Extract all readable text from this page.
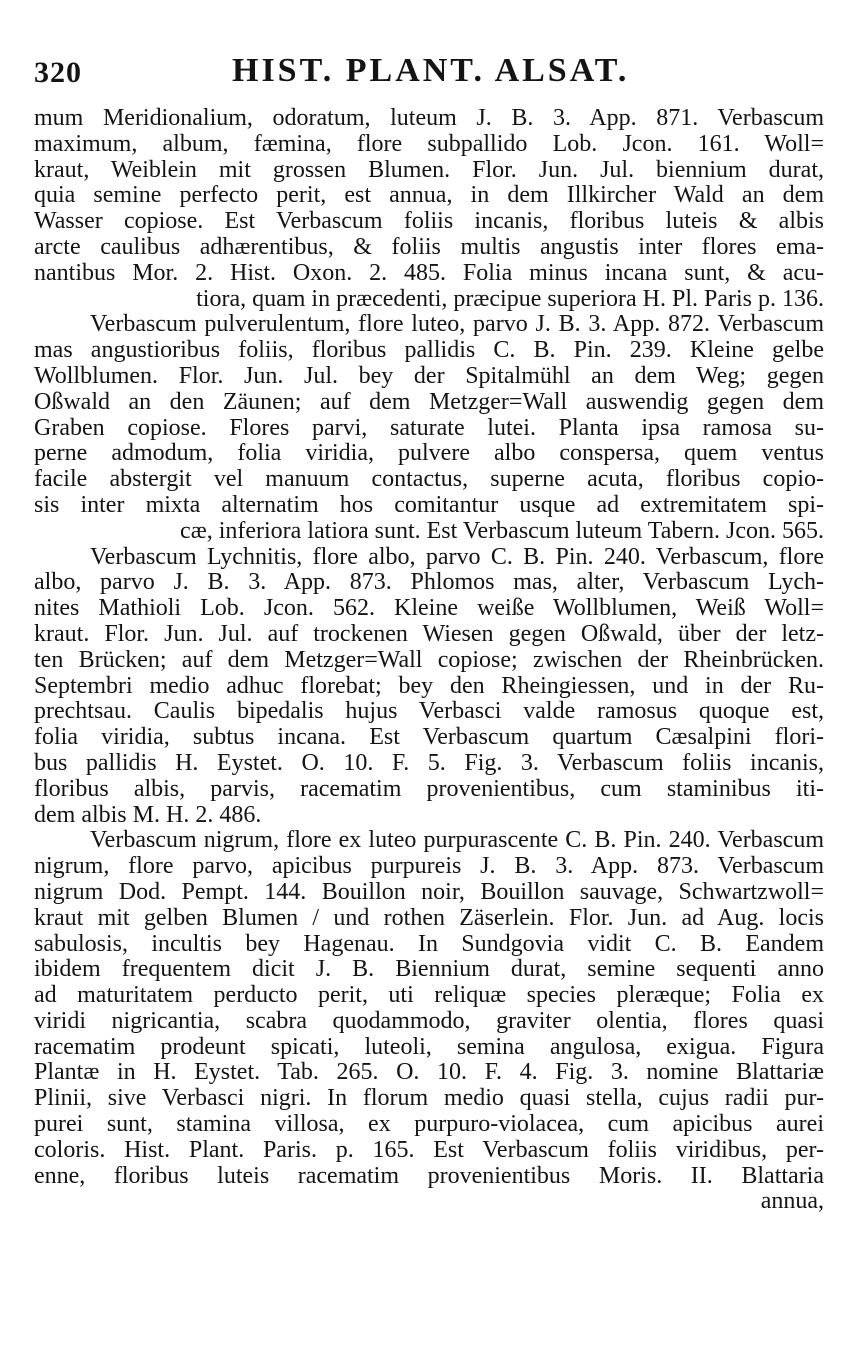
320	HIST. PLANT. ALSAT.
mum Meridionalium, odoratum, luteum J. B. 3. App. 871. Verbascum
maximum, album, fæmina, flore subpallido Lob. Jcon. 161. Woll=
kraut, Weiblein mit grossen Blumen. Flor. Jun. Jul. biennium durat,
quia semine perfecto perit, est annua, in dem Illkircher Wald an dem
Wasser copiose. Est Verbascum foliis incanis, floribus luteis & albis
arcte caulibus adhærentibus, & foliis multis angustis inter flores ema-
nantibus Mor. 2. Hist. Oxon. 2. 485. Folia minus incana sunt, & acu-
tiora, quam in præcedenti, præcipue superiora H. Pl. Paris p. 136.
Verbascum pulverulentum, flore luteo, parvo J. B. 3. App. 872. Verbascum
mas angustioribus foliis, floribus pallidis C. B. Pin. 239. Kleine gelbe
Wollblumen. Flor. Jun. Jul. bey der Spitalmühl an dem Weg; gegen
Oßwald an den Zäunen; auf dem Metzger=Wall auswendig gegen dem
Graben copiose. Flores parvi, saturate lutei. Planta ipsa ramosa su-
perne admodum, folia viridia, pulvere albo conspersa, quem ventus
facile abstergit vel manuum contactus, superne acuta, floribus copio-
sis inter mixta alternatim hos comitantur usque ad extremitatem spi-
cæ, inferiora latiora sunt. Est Verbascum luteum Tabern. Jcon. 565.
Verbascum Lychnitis, flore albo, parvo C. B. Pin. 240. Verbascum, flore
albo, parvo J. B. 3. App. 873. Phlomos mas, alter, Verbascum Lych-
nites Mathioli Lob. Jcon. 562. Kleine weiße Wollblumen, Weiß Woll=
kraut. Flor. Jun. Jul. auf trockenen Wiesen gegen Oßwald, über der letz-
ten Brücken; auf dem Metzger=Wall copiose; zwischen der Rheinbrücken.
Septembri medio adhuc florebat; bey den Rheingiessen, und in der Ru-
prechtsau. Caulis bipedalis hujus Verbasci valde ramosus quoque est,
folia viridia, subtus incana. Est Verbascum quartum Cæsalpini flori-
bus pallidis H. Eystet. O. 10. F. 5. Fig. 3. Verbascum foliis incanis,
floribus albis, parvis, racematim provenientibus, cum staminibus iti-
dem albis M. H. 2. 486.
Verbascum nigrum, flore ex luteo purpurascente C. B. Pin. 240. Verbascum
nigrum, flore parvo, apicibus purpureis J. B. 3. App. 873. Verbascum
nigrum Dod. Pempt. 144. Bouillon noir, Bouillon sauvage, Schwartzwoll=
kraut mit gelben Blumen / und rothen Zäserlein. Flor. Jun. ad Aug. locis
sabulosis, incultis bey Hagenau. In Sundgovia vidit C. B. Eandem
ibidem frequentem dicit J. B. Biennium durat, semine sequenti anno
ad maturitatem perducto perit, uti reliquæ species pleræque; Folia ex
viridi nigricantia, scabra quodammodo, graviter olentia, flores quasi
racematim prodeunt spicati, luteoli, semina angulosa, exigua. Figura
Plantæ in H. Eystet. Tab. 265. O. 10. F. 4. Fig. 3. nomine Blattariæ
Plinii, sive Verbasci nigri. In florum medio quasi stella, cujus radii pur-
purei sunt, stamina villosa, ex purpuro-violacea, cum apicibus aurei
coloris. Hist. Plant. Paris. p. 165. Est Verbascum foliis viridibus, per-
enne, floribus luteis racematim provenientibus Moris. II. Blattaria
annua,
